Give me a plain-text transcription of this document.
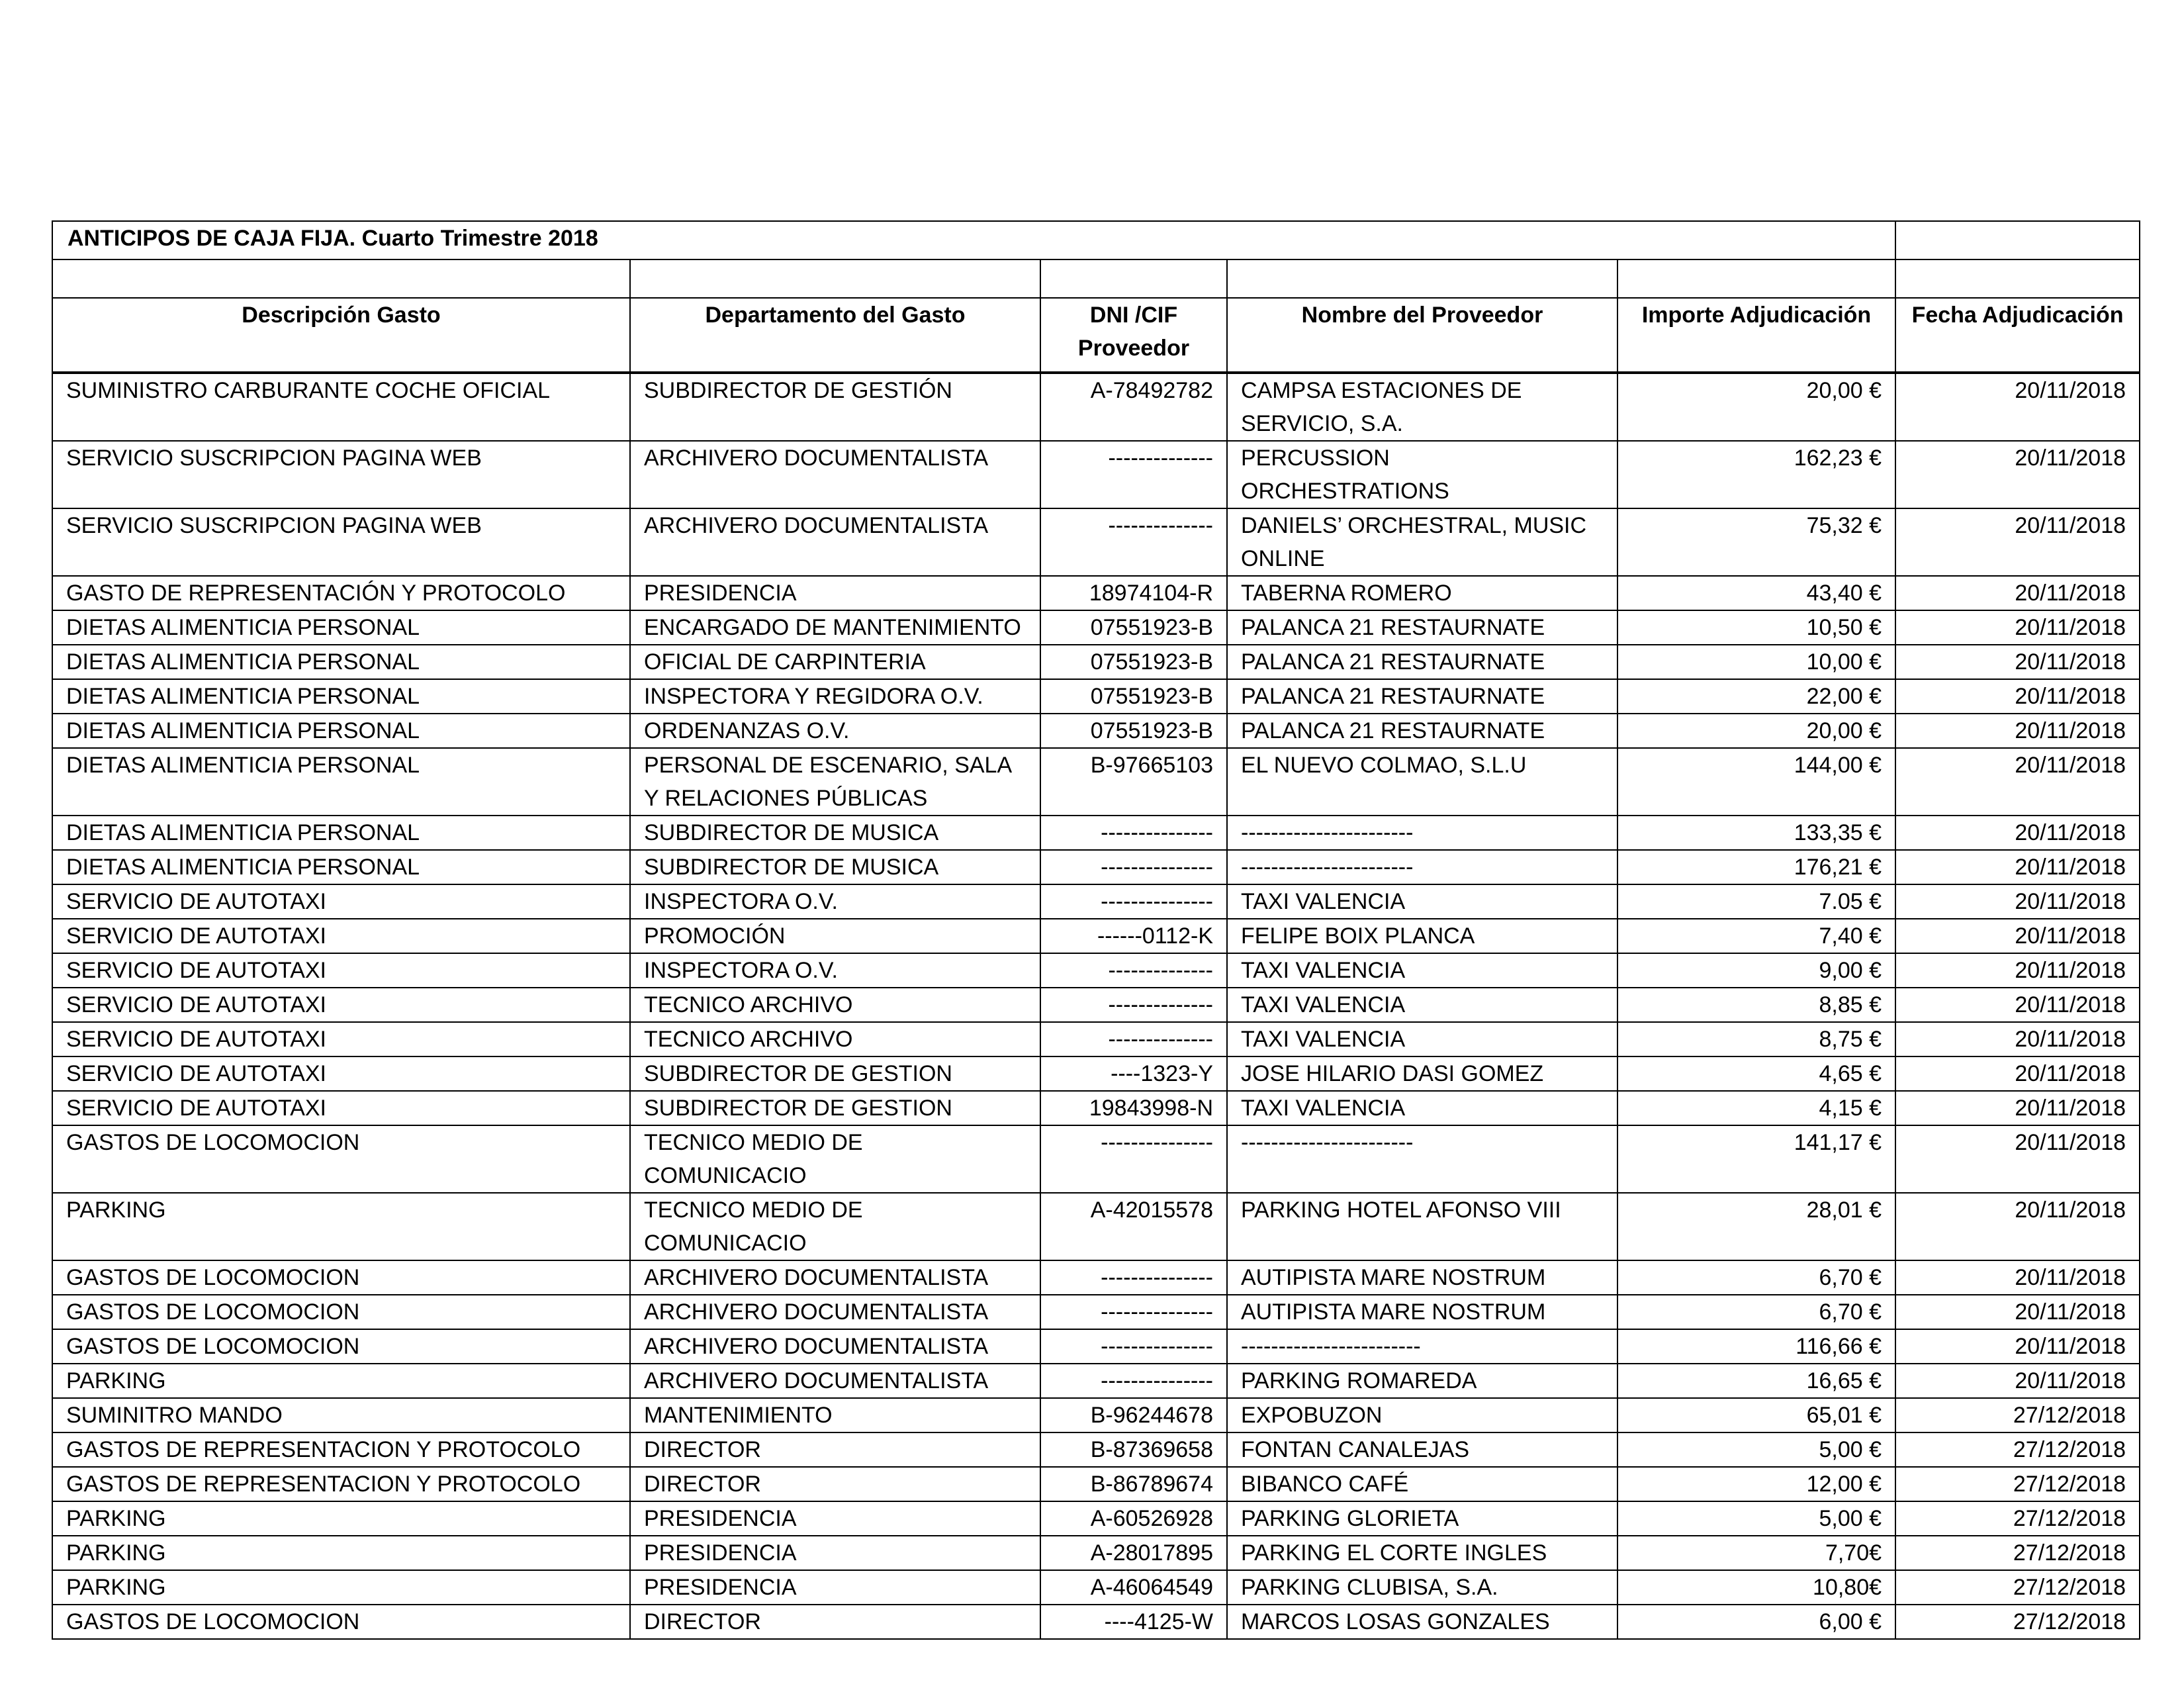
ANTICIPOS DE CAJA FIJA. Cuarto Trimestre 2018					

Descripción Gasto	Departamento del Gasto	DNI /CIF Proveedor	Nombre del Proveedor	Importe Adjudicación	Fecha Adjudicación
SUMINISTRO CARBURANTE COCHE OFICIAL	SUBDIRECTOR DE GESTIÓN	A-78492782	CAMPSA ESTACIONES DE SERVICIO, S.A.	20,00 €	20/11/2018
SERVICIO SUSCRIPCION PAGINA WEB	ARCHIVERO DOCUMENTALISTA	--------------	PERCUSSION ORCHESTRATIONS	162,23 €	20/11/2018
SERVICIO SUSCRIPCION PAGINA WEB	ARCHIVERO DOCUMENTALISTA	--------------	DANIELS’ ORCHESTRAL, MUSIC ONLINE	75,32 €	20/11/2018
GASTO DE REPRESENTACIÓN Y PROTOCOLO	PRESIDENCIA	18974104-R	TABERNA ROMERO	43,40 €	20/11/2018
DIETAS ALIMENTICIA PERSONAL	ENCARGADO DE MANTENIMIENTO	07551923-B	PALANCA 21 RESTAURNATE	10,50 €	20/11/2018
DIETAS ALIMENTICIA PERSONAL	OFICIAL DE CARPINTERIA	07551923-B	PALANCA 21 RESTAURNATE	10,00 €	20/11/2018
DIETAS ALIMENTICIA PERSONAL	INSPECTORA Y REGIDORA O.V.	07551923-B	PALANCA 21 RESTAURNATE	22,00 €	20/11/2018
DIETAS ALIMENTICIA PERSONAL	ORDENANZAS O.V.	07551923-B	PALANCA 21 RESTAURNATE	20,00 €	20/11/2018
DIETAS ALIMENTICIA PERSONAL	PERSONAL DE ESCENARIO, SALA Y RELACIONES PÚBLICAS	B-97665103	EL NUEVO COLMAO, S.L.U	144,00 €	20/11/2018
DIETAS ALIMENTICIA PERSONAL	SUBDIRECTOR DE MUSICA	---------------	-----------------------	133,35 €	20/11/2018
DIETAS ALIMENTICIA PERSONAL	SUBDIRECTOR DE MUSICA	---------------	-----------------------	176,21 €	20/11/2018
SERVICIO DE AUTOTAXI	INSPECTORA O.V.	---------------	TAXI VALENCIA	7.05 €	20/11/2018
SERVICIO DE AUTOTAXI	PROMOCIÓN	------0112-K	FELIPE BOIX PLANCA	7,40 €	20/11/2018
SERVICIO DE AUTOTAXI	INSPECTORA O.V.	--------------	TAXI VALENCIA	9,00 €	20/11/2018
SERVICIO DE AUTOTAXI	TECNICO ARCHIVO	--------------	TAXI VALENCIA	8,85 €	20/11/2018
SERVICIO DE AUTOTAXI	TECNICO ARCHIVO	--------------	TAXI VALENCIA	8,75 €	20/11/2018
SERVICIO DE AUTOTAXI	SUBDIRECTOR DE GESTION	----1323-Y	JOSE HILARIO DASI GOMEZ	4,65 €	20/11/2018
SERVICIO DE AUTOTAXI	SUBDIRECTOR DE GESTION	19843998-N	TAXI VALENCIA	4,15 €	20/11/2018
GASTOS DE LOCOMOCION	TECNICO MEDIO DE COMUNICACIO	---------------	-----------------------	141,17 €	20/11/2018
PARKING	TECNICO MEDIO DE COMUNICACIO	A-42015578	PARKING HOTEL AFONSO VIII	28,01 €	20/11/2018
GASTOS DE LOCOMOCION	ARCHIVERO DOCUMENTALISTA	---------------	AUTIPISTA MARE NOSTRUM	6,70 €	20/11/2018
GASTOS DE LOCOMOCION	ARCHIVERO DOCUMENTALISTA	---------------	AUTIPISTA MARE NOSTRUM	6,70 €	20/11/2018
GASTOS DE LOCOMOCION	ARCHIVERO DOCUMENTALISTA	---------------	------------------------	116,66 €	20/11/2018
PARKING	ARCHIVERO DOCUMENTALISTA	---------------	PARKING ROMAREDA	16,65 €	20/11/2018
SUMINITRO MANDO	MANTENIMIENTO	B-96244678	EXPOBUZON	65,01 €	27/12/2018
GASTOS DE REPRESENTACION Y PROTOCOLO	DIRECTOR	B-87369658	FONTAN CANALEJAS	5,00 €	27/12/2018
GASTOS DE REPRESENTACION Y PROTOCOLO	DIRECTOR	B-86789674	BIBANCO CAFÉ	12,00 €	27/12/2018
PARKING	PRESIDENCIA	A-60526928	PARKING GLORIETA	5,00 €	27/12/2018
PARKING	PRESIDENCIA	A-28017895	PARKING EL CORTE INGLES	7,70€	27/12/2018
PARKING	PRESIDENCIA	A-46064549	PARKING CLUBISA, S.A.	10,80€	27/12/2018
GASTOS DE LOCOMOCION	DIRECTOR	----4125-W	MARCOS LOSAS GONZALES	6,00 €	27/12/2018
